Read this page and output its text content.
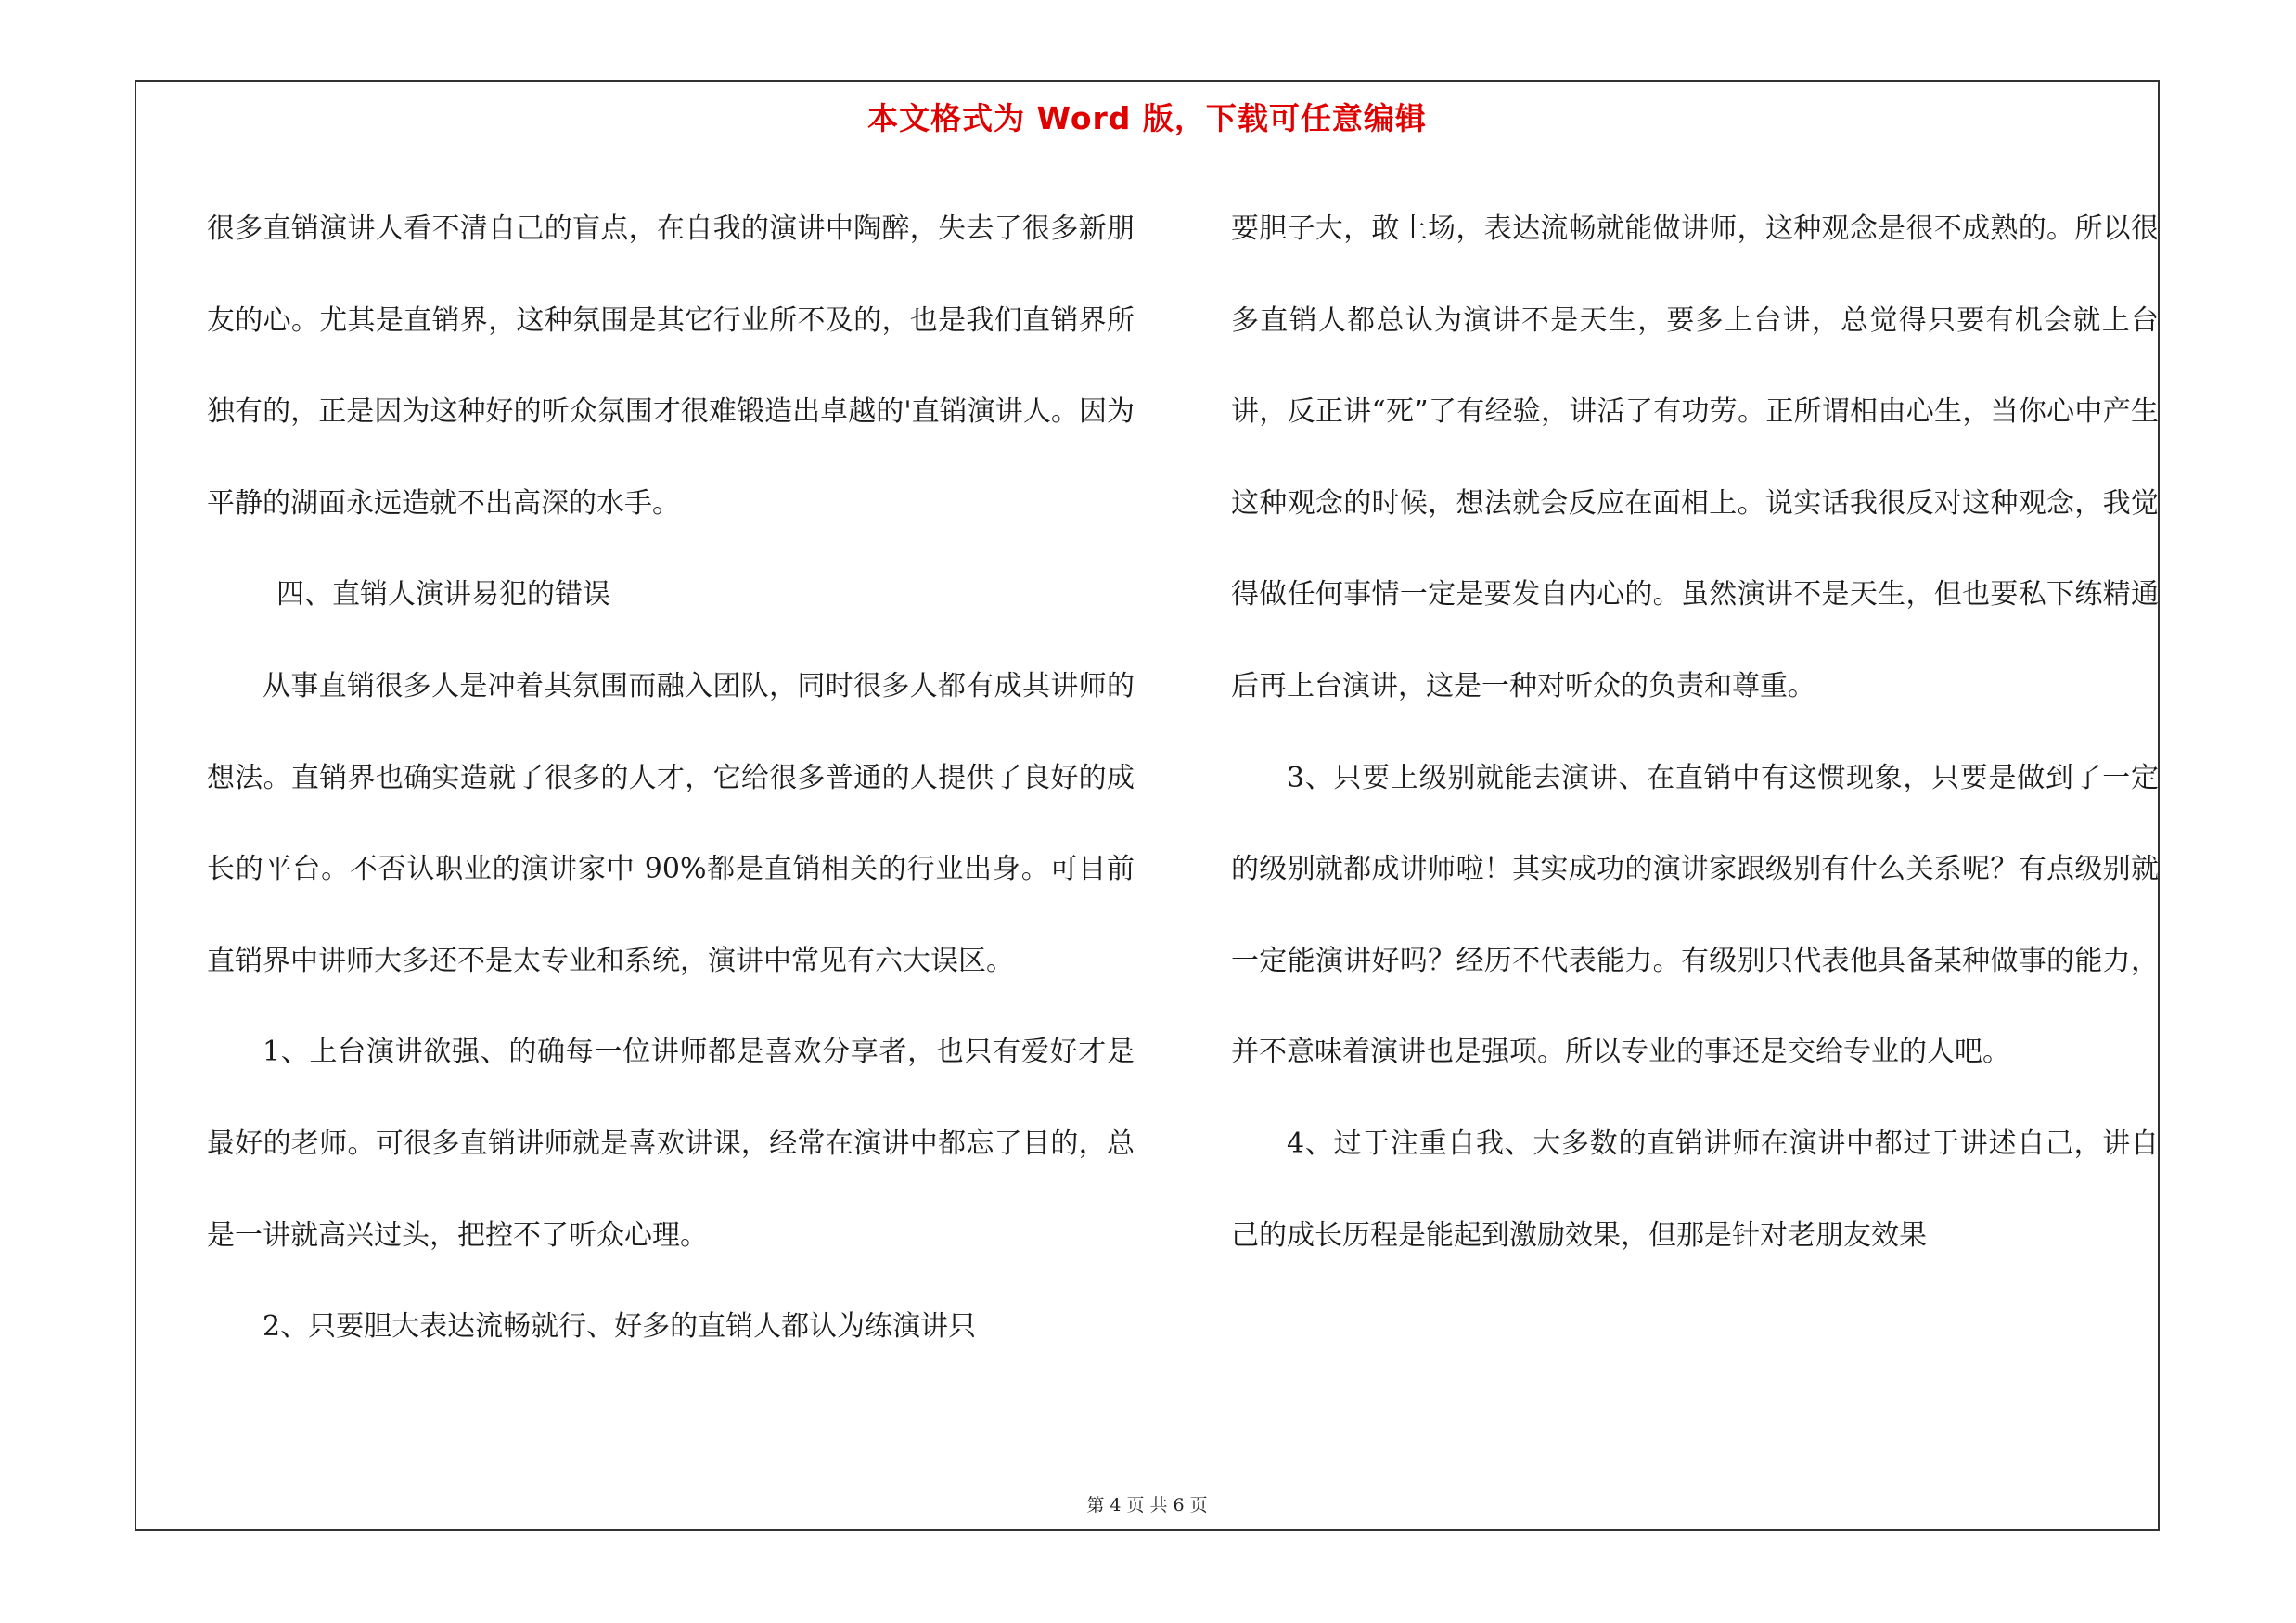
本文格式为 Word 版，下载可任意编辑

很多直销演讲人看不清自己的盲点，在自我的演讲中陶醉，失去了很多新朋友的心。尤其是直销界，这种氛围是其它行业所不及的，也是我们直销界所独有的，正是因为这种好的听众氛围才很难锻造出卓越的'直销演讲人。因为平静的湖面永远造就不出高深的水手。

四、直销人演讲易犯的错误

从事直销很多人是冲着其氛围而融入团队，同时很多人都有成其讲师的想法。直销界也确实造就了很多的人才，它给很多普通的人提供了良好的成长的平台。不否认职业的演讲家中 90%都是直销相关的行业出身。可目前直销界中讲师大多还不是太专业和系统，演讲中常见有六大误区。

1、上台演讲欲强、的确每一位讲师都是喜欢分享者，也只有爱好才是最好的老师。可很多直销讲师就是喜欢讲课，经常在演讲中都忘了目的，总是一讲就高兴过头，把控不了听众心理。

2、只要胆大表达流畅就行、好多的直销人都认为练演讲只

要胆子大，敢上场，表达流畅就能做讲师，这种观念是很不成熟的。所以很多直销人都总认为演讲不是天生，要多上台讲，总觉得只要有机会就上台讲，反正讲“死”了有经验，讲活了有功劳。正所谓相由心生，当你心中产生这种观念的时候，想法就会反应在面相上。说实话我很反对这种观念，我觉得做任何事情一定是要发自内心的。虽然演讲不是天生，但也要私下练精通后再上台演讲，这是一种对听众的负责和尊重。

3、只要上级别就能去演讲、在直销中有这惯现象，只要是做到了一定的级别就都成讲师啦！其实成功的演讲家跟级别有什么关系呢？有点级别就一定能演讲好吗？经历不代表能力。有级别只代表他具备某种做事的能力，并不意味着演讲也是强项。所以专业的事还是交给专业的人吧。

4、过于注重自我、大多数的直销讲师在演讲中都过于讲述自己，讲自己的成长历程是能起到激励效果，但那是针对老朋友效果

第 4 页 共 6 页
